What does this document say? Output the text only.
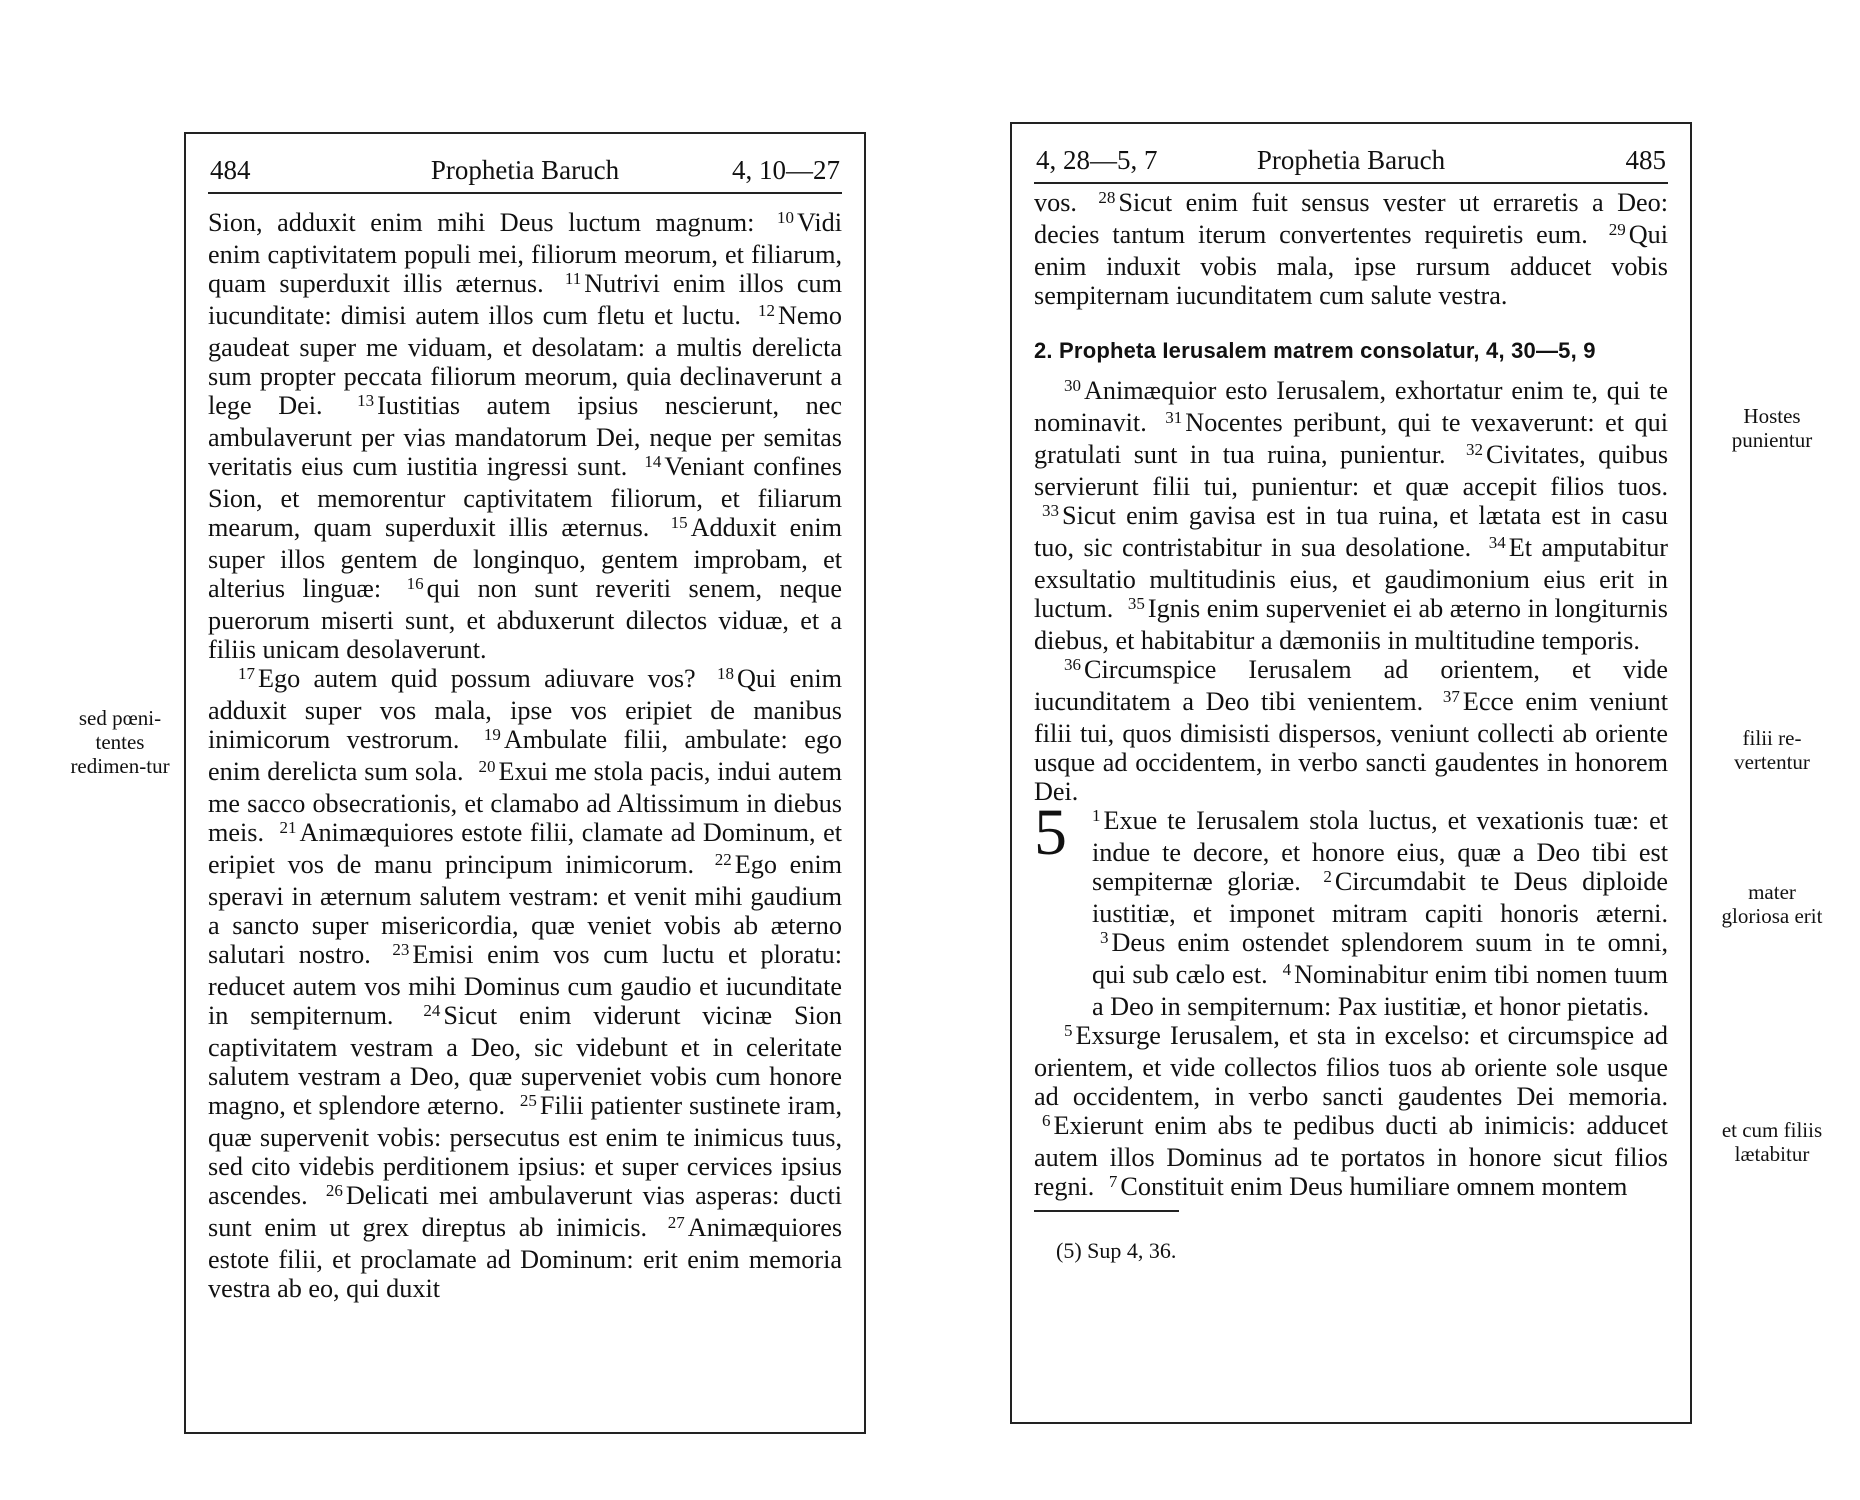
sed pœni-tentes redimen-tur
484	Prophetia Baruch	4, 10—27

Sion, adduxit enim mihi Deus luctum magnum: $^{10}$ Vidi enim captivitatem populi mei, filiorum meorum, et filiarum, quam superduxit illis æternus. $^{11}$ Nutrivi enim illos cum iucunditate: dimisi autem illos cum fletu et luctu. $^{12}$ Nemo gaudeat super me viduam, et desolatam: a multis derelicta sum propter peccata filiorum meorum, quia declinaverunt a lege Dei. $^{13}$ Iustitias autem ipsius nescierunt, nec ambulaverunt per vias mandatorum Dei, neque per semitas veritatis eius cum iustitia ingressi sunt. $^{14}$ Veniant confines Sion, et memorentur captivitatem filiorum, et filiarum mearum, quam superduxit illis æternus. $^{15}$ Adduxit enim super illos gentem de longinquo, gentem improbam, et alterius linguæ: $^{16}$ qui non sunt reveriti senem, neque puerorum miserti sunt, et abduxerunt dilectos viduæ, et a filiis unicam desolaverunt.

$^{17}$ Ego autem quid possum adiuvare vos? $^{18}$ Qui enim adduxit super vos mala, ipse vos eripiet de manibus inimicorum vestrorum. $^{19}$ Ambulate filii, ambulate: ego enim derelicta sum sola. $^{20}$ Exui me stola pacis, indui autem me sacco obsecrationis, et clamabo ad Altissimum in diebus meis. $^{21}$ Animæquiores estote filii, clamate ad Dominum, et eripiet vos de manu principum inimicorum. $^{22}$ Ego enim speravi in æternum salutem vestram: et venit mihi gaudium a sancto super misericordia, quæ veniet vobis ab æterno salutari nostro. $^{23}$ Emisi enim vos cum luctu et ploratu: reducet autem vos mihi Dominus cum gaudio et iucunditate in sempiternum. $^{24}$ Sicut enim viderunt vicinæ Sion captivitatem vestram a Deo, sic videbunt et in celeritate salutem vestram a Deo, quæ superveniet vobis cum honore magno, et splendore æterno. $^{25}$ Filii patienter sustinete iram, quæ supervenit vobis: persecutus est enim te inimicus tuus, sed cito videbis perditionem ipsius: et super cervices ipsius ascendes. $^{26}$ Delicati mei ambulaverunt vias asperas: ducti sunt enim ut grex direptus ab inimicis. $^{27}$ Animæquiores estote filii, et proclamate ad Dominum: erit enim memoria vestra ab eo, qui duxit

4, 28—5, 7	Prophetia Baruch	485

vos. $^{28}$ Sicut enim fuit sensus vester ut erraretis a Deo: decies tantum iterum convertentes requiretis eum. $^{29}$ Qui enim induxit vobis mala, ipse rursum adducet vobis sempiternam iucunditatem cum salute vestra.

2. Propheta Ierusalem matrem consolatur, 4, 30—5, 9

$^{30}$ Animæquior esto Ierusalem, exhortatur enim te, qui te nominavit. $^{31}$ Nocentes peribunt, qui te vexaverunt: et qui gratulati sunt in tua ruina, punientur. $^{32}$ Civitates, quibus servierunt filii tui, punientur: et quæ accepit filios tuos. $^{33}$ Sicut enim gavisa est in tua ruina, et lætata est in casu tuo, sic contristabitur in sua desolatione. $^{34}$ Et amputabitur exsultatio multitudinis eius, et gaudimonium eius erit in luctum. $^{35}$ Ignis enim superveniet ei ab æterno in longiturnis diebus, et habitabitur a dæmoniis in multitudine temporis.

$^{36}$ Circumspice Ierusalem ad orientem, et vide iucunditatem a Deo tibi venientem. $^{37}$ Ecce enim veniunt filii tui, quos dimisisti dispersos, veniunt collecti ab oriente usque ad occidentem, in verbo sancti gaudentes in honorem Dei.

5 $^1$ Exue te Ierusalem stola luctus, et vexationis tuæ: et indue te decore, et honore eius, quæ a Deo tibi est sempiternæ gloriæ. $^2$ Circumdabit te Deus diploide iustitiæ, et imponet mitram capiti honoris æterni. $^3$ Deus enim ostendet splendorem suum in te omni, qui sub cælo est. $^4$ Nominabitur enim tibi nomen tuum a Deo in sempiternum: Pax iustitiæ, et honor pietatis.

$^5$ Exsurge Ierusalem, et sta in excelso: et circumspice ad orientem, et vide collectos filios tuos ab oriente sole usque ad occidentem, in verbo sancti gaudentes Dei memoria. $^6$ Exierunt enim abs te pedibus ducti ab inimicis: adducet autem illos Dominus ad te portatos in honore sicut filios regni. $^7$ Constituit enim Deus humiliare omnem montem

(5) Sup 4, 36.
Hostes punientur
filii re-vertentur
mater gloriosa erit
et cum filiis lætabitur
